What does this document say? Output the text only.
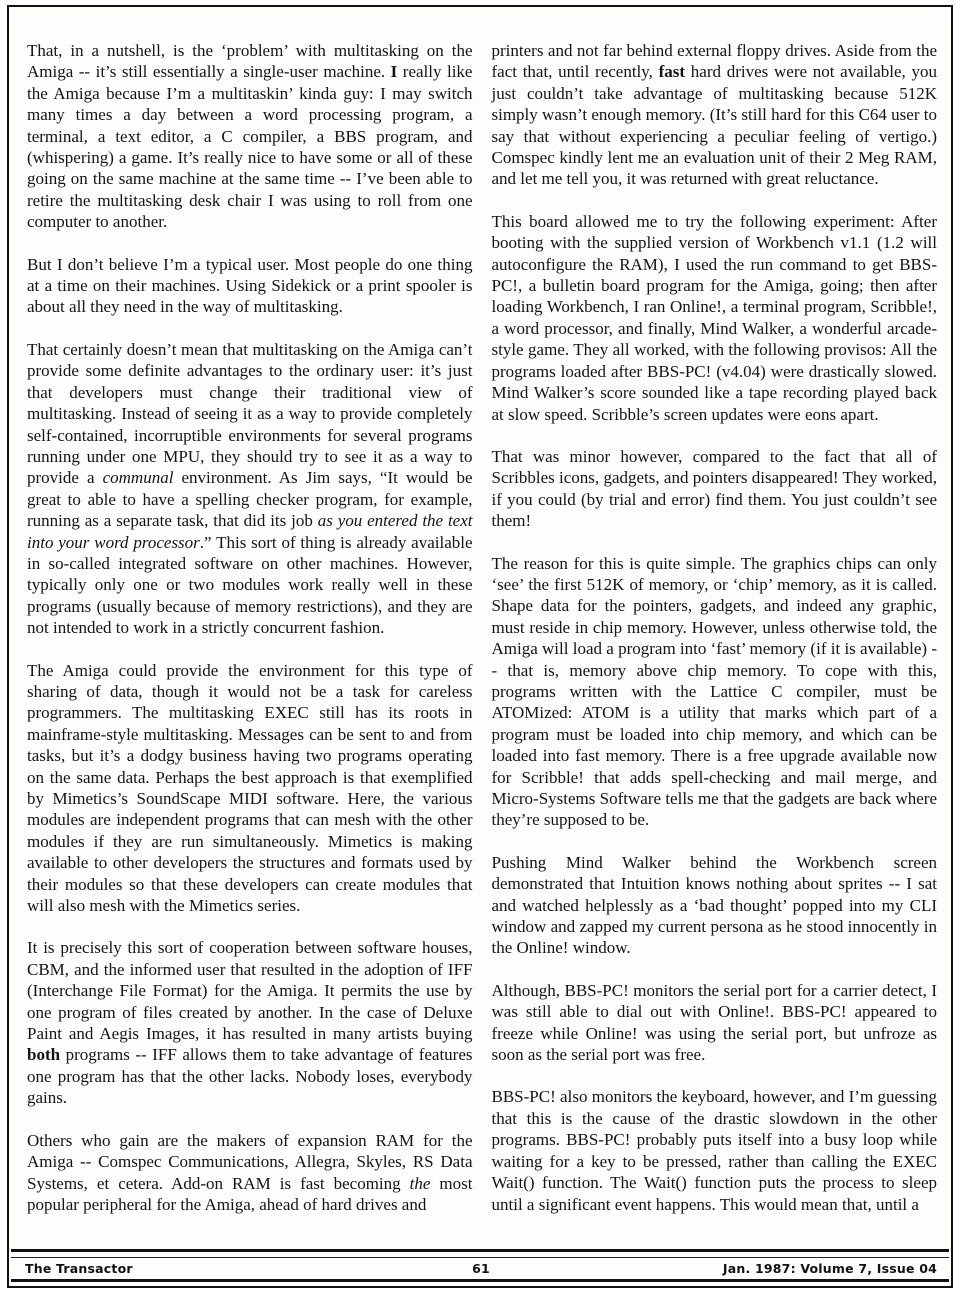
That, in a nutshell, is the ‘problem’ with multitasking on the Amiga -- it’s still essentially a single-user machine. I really like the Amiga because I’m a multitaskin’ kinda guy: I may switch many times a day between a word processing program, a terminal, a text editor, a C compiler, a BBS program, and (whispering) a game. It’s really nice to have some or all of these going on the same machine at the same time -- I’ve been able to retire the multitasking desk chair I was using to roll from one computer to another.

But I don’t believe I’m a typical user. Most people do one thing at a time on their machines. Using Sidekick or a print spooler is about all they need in the way of multitasking.

That certainly doesn’t mean that multitasking on the Amiga can’t provide some definite advantages to the ordinary user: it’s just that developers must change their traditional view of multitasking. Instead of seeing it as a way to provide completely self-contained, incorruptible environments for several programs running under one MPU, they should try to see it as a way to provide a communal environment. As Jim says, “It would be great to able to have a spelling checker program, for example, running as a separate task, that did its job as you entered the text into your word processor.” This sort of thing is already available in so-called integrated software on other machines. However, typically only one or two modules work really well in these programs (usually because of memory restrictions), and they are not intended to work in a strictly concurrent fashion.

The Amiga could provide the environment for this type of sharing of data, though it would not be a task for careless programmers. The multitasking EXEC still has its roots in mainframe-style multitasking. Messages can be sent to and from tasks, but it’s a dodgy business having two programs operating on the same data. Perhaps the best approach is that exemplified by Mimetics’s SoundScape MIDI software. Here, the various modules are independent programs that can mesh with the other modules if they are run simultaneously. Mimetics is making available to other developers the structures and formats used by their modules so that these developers can create modules that will also mesh with the Mimetics series.

It is precisely this sort of cooperation between software houses, CBM, and the informed user that resulted in the adoption of IFF (Interchange File Format) for the Amiga. It permits the use by one program of files created by another. In the case of Deluxe Paint and Aegis Images, it has resulted in many artists buying both programs -- IFF allows them to take advantage of features one program has that the other lacks. Nobody loses, everybody gains.

Others who gain are the makers of expansion RAM for the Amiga -- Comspec Communications, Allegra, Skyles, RS Data Systems, et cetera. Add-on RAM is fast becoming the most popular peripheral for the Amiga, ahead of hard drives and

printers and not far behind external floppy drives. Aside from the fact that, until recently, fast hard drives were not available, you just couldn’t take advantage of multitasking because 512K simply wasn’t enough memory. (It’s still hard for this C64 user to say that without experiencing a peculiar feeling of vertigo.) Comspec kindly lent me an evaluation unit of their 2 Meg RAM, and let me tell you, it was returned with great reluctance.

This board allowed me to try the following experiment: After booting with the supplied version of Workbench v1.1 (1.2 will autoconfigure the RAM), I used the run command to get BBS-PC!, a bulletin board program for the Amiga, going; then after loading Workbench, I ran Online!, a terminal program, Scribble!, a word processor, and finally, Mind Walker, a wonderful arcade-style game. They all worked, with the following provisos: All the programs loaded after BBS-PC! (v4.04) were drastically slowed. Mind Walker’s score sounded like a tape recording played back at slow speed. Scribble’s screen updates were eons apart.

That was minor however, compared to the fact that all of Scribbles icons, gadgets, and pointers disappeared! They worked, if you could (by trial and error) find them. You just couldn’t see them!

The reason for this is quite simple. The graphics chips can only ‘see’ the first 512K of memory, or ‘chip’ memory, as it is called. Shape data for the pointers, gadgets, and indeed any graphic, must reside in chip memory. However, unless otherwise told, the Amiga will load a program into ‘fast’ memory (if it is available) -- that is, memory above chip memory. To cope with this, programs written with the Lattice C compiler, must be ATOMized: ATOM is a utility that marks which part of a program must be loaded into chip memory, and which can be loaded into fast memory. There is a free upgrade available now for Scribble! that adds spell-checking and mail merge, and Micro-Systems Software tells me that the gadgets are back where they’re supposed to be.

Pushing Mind Walker behind the Workbench screen demonstrated that Intuition knows nothing about sprites -- I sat and watched helplessly as a ‘bad thought’ popped into my CLI window and zapped my current persona as he stood innocently in the Online! window.

Although, BBS-PC! monitors the serial port for a carrier detect, I was still able to dial out with Online!. BBS-PC! appeared to freeze while Online! was using the serial port, but unfroze as soon as the serial port was free.

BBS-PC! also monitors the keyboard, however, and I’m guessing that this is the cause of the drastic slowdown in the other programs. BBS-PC! probably puts itself into a busy loop while waiting for a key to be pressed, rather than calling the EXEC Wait() function. The Wait() function puts the process to sleep until a significant event happens. This would mean that, until a

The Transactor	61	Jan. 1987: Volume 7, Issue 04
